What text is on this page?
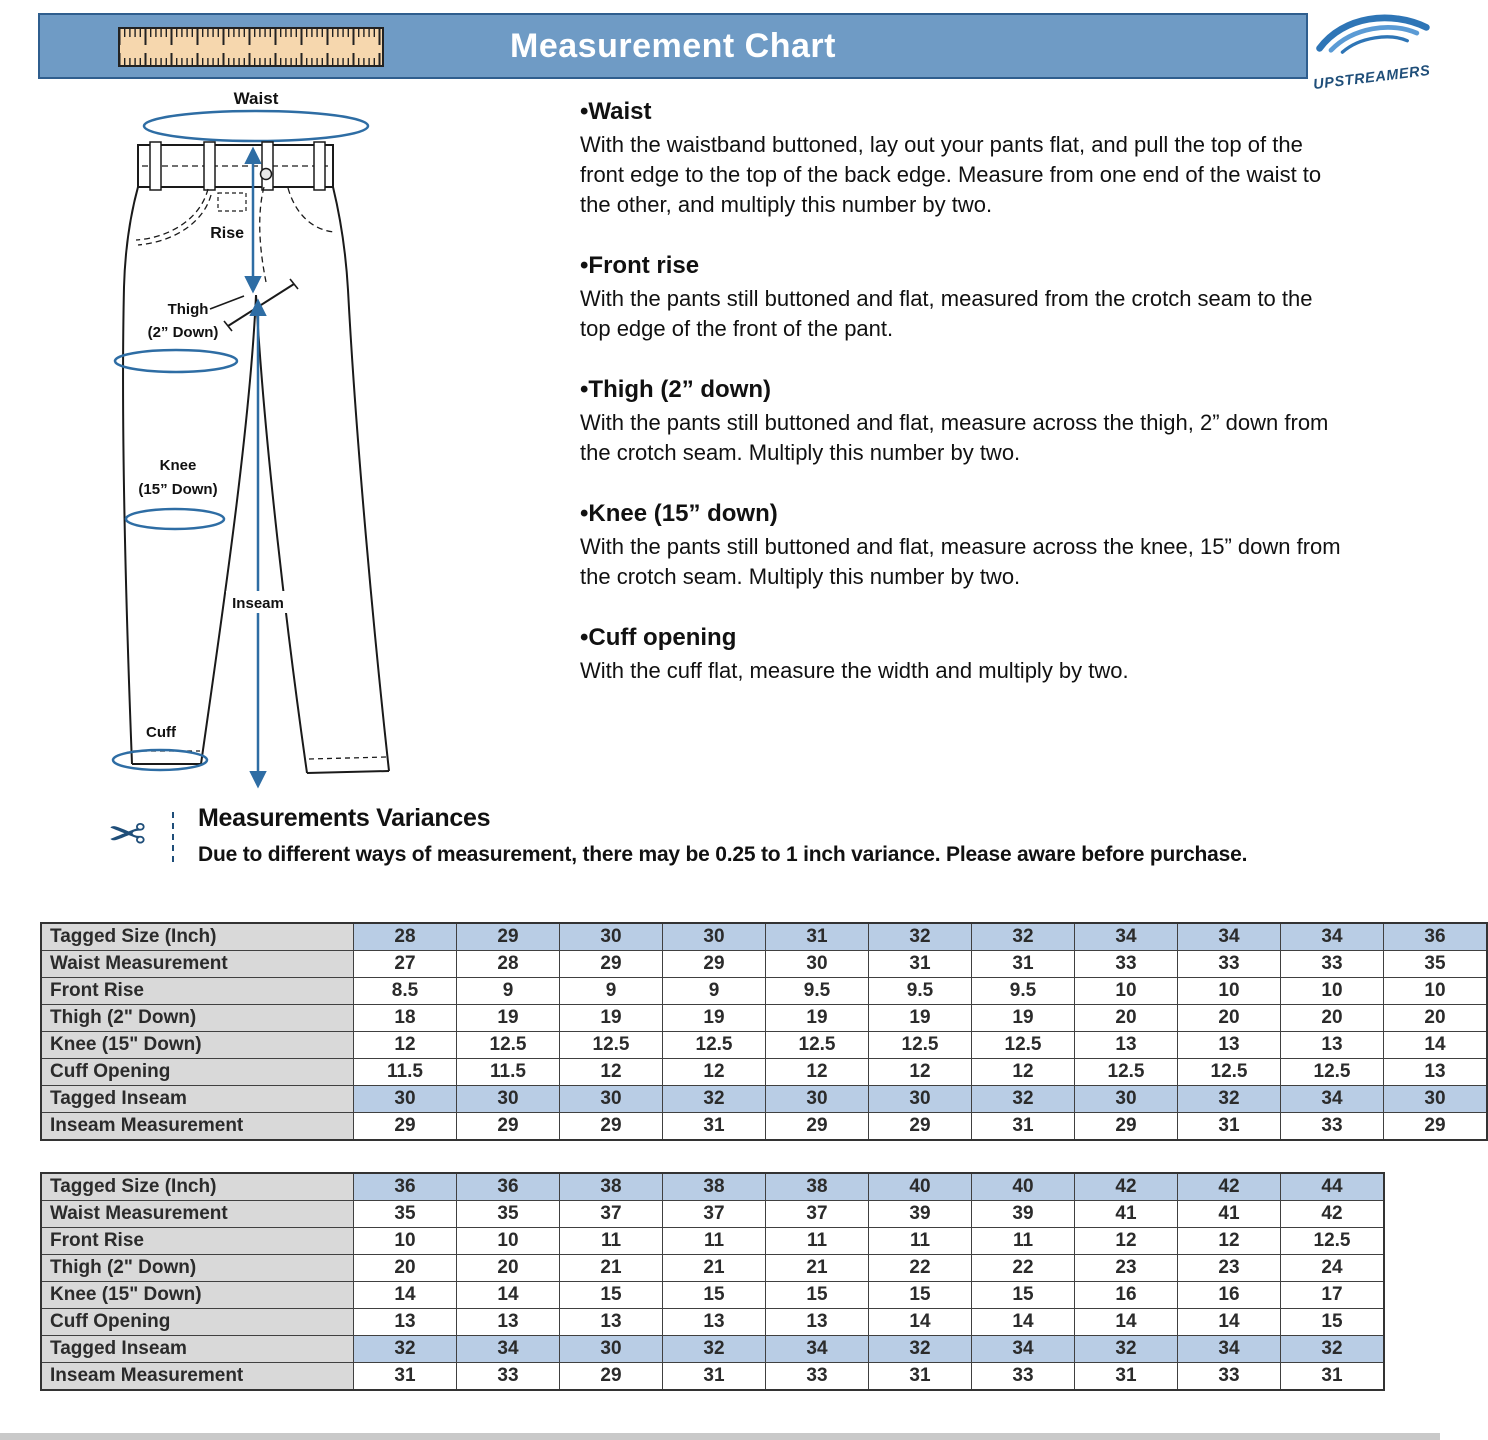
Measurement Chart
UPSTREAMERS
Waist
Rise
Thigh
(2” Down)
Knee
(15” Down)
Inseam
Cuff
•Waist
With the waistband buttoned, lay out your pants flat, and pull the top of the front edge to the top of the back edge. Measure from one end of the waist to the other, and multiply this number by two.
•Front rise
With the pants still buttoned and flat, measured from the crotch seam to the top edge of the front of the pant.
•Thigh (2” down)
With the pants still buttoned and flat, measure across the thigh, 2” down from the crotch seam. Multiply this number by two.
•Knee (15” down)
With the pants still buttoned and flat, measure across the knee, 15” down from the crotch seam. Multiply this number by two.
•Cuff opening
With the cuff flat, measure the width and multiply by two.
✂	Measurements Variances
Due to different ways of measurement, there may be 0.25 to 1 inch variance. Please aware before purchase.
Tagged Size (Inch)	28	29	30	30	31	32	32	34	34	34	36
Waist Measurement	27	28	29	29	30	31	31	33	33	33	35
Front Rise	8.5	9	9	9	9.5	9.5	9.5	10	10	10	10
Thigh (2" Down)	18	19	19	19	19	19	19	20	20	20	20
Knee (15" Down)	12	12.5	12.5	12.5	12.5	12.5	12.5	13	13	13	14
Cuff Opening	11.5	11.5	12	12	12	12	12	12.5	12.5	12.5	13
Tagged Inseam	30	30	30	32	30	30	32	30	32	34	30
Inseam Measurement	29	29	29	31	29	29	31	29	31	33	29
Tagged Size (Inch)	36	36	38	38	38	40	40	42	42	44
Waist Measurement	35	35	37	37	37	39	39	41	41	42
Front Rise	10	10	11	11	11	11	11	12	12	12.5
Thigh (2" Down)	20	20	21	21	21	22	22	23	23	24
Knee (15" Down)	14	14	15	15	15	15	15	16	16	17
Cuff Opening	13	13	13	13	13	14	14	14	14	15
Tagged Inseam	32	34	30	32	34	32	34	32	34	32
Inseam Measurement	31	33	29	31	33	31	33	31	33	31
